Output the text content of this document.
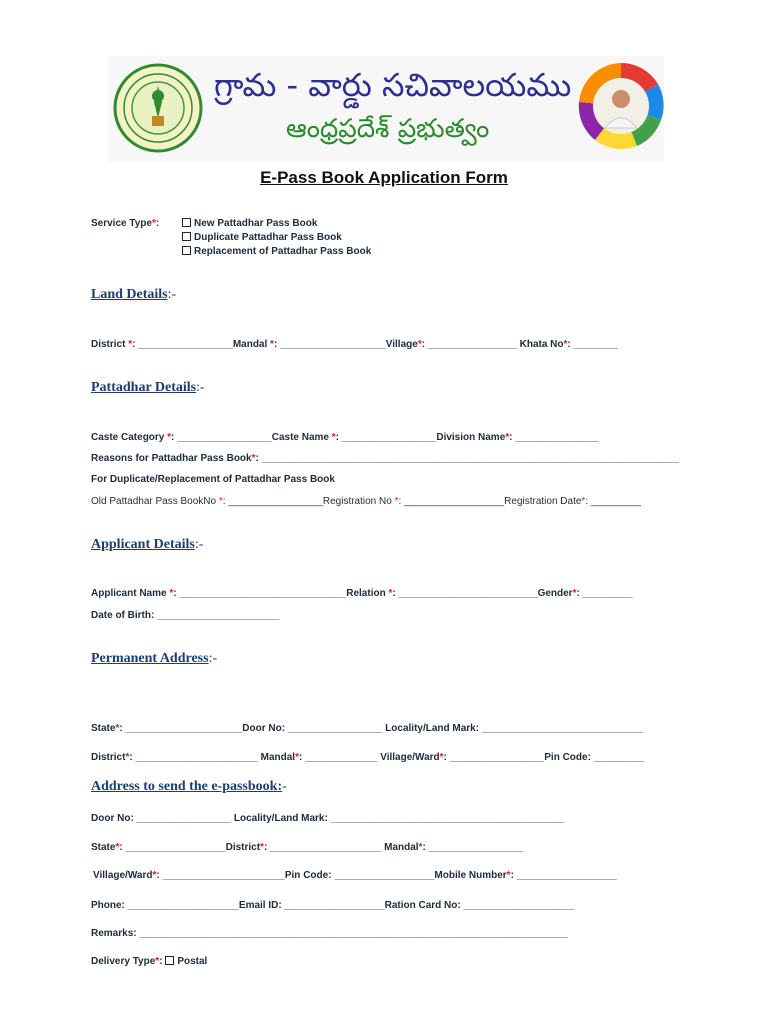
గ్రామ - వార్డు సచివాలయము
ఆంధ్రప్రదేశ్ ప్రభుత్వం
E-Pass Book Application Form
Service Type*:	New Pattadhar Pass Book
Duplicate Pattadhar Pass Book
Replacement of Pattadhar Pass Book
Land Details:-
District *: _________________Mandal *: ___________________Village*: ________________ Khata No*: ________
Pattadhar Details:-
Caste Category *: _________________Caste Name *: _________________Division Name*: _______________
Reasons for Pattadhar Pass Book*: ___________________________________________________________________________
For Duplicate/Replacement of Pattadhar Pass Book
Old Pattadhar Pass BookNo *: _________________Registration No *: __________________Registration Date*: _________
Applicant Details:-
Applicant Name *: ______________________________Relation *: _________________________Gender*: _________
Date of Birth: ______________________
Permanent Address:-
State*: _____________________Door No: _________________ Locality/Land Mark: _____________________________
District*: ______________________ Mandal*: _____________ Village/Ward*: _________________Pin Code: _________
Address to send the e-passbook:-
Door No: _________________ Locality/Land Mark: __________________________________________
State*: __________________District*: ____________________ Mandal*: _________________
Village/Ward*: ______________________Pin Code: __________________Mobile Number*: __________________
Phone: ____________________Email ID: __________________Ration Card No: ____________________
Remarks: _____________________________________________________________________________
Delivery Type*: Postal
